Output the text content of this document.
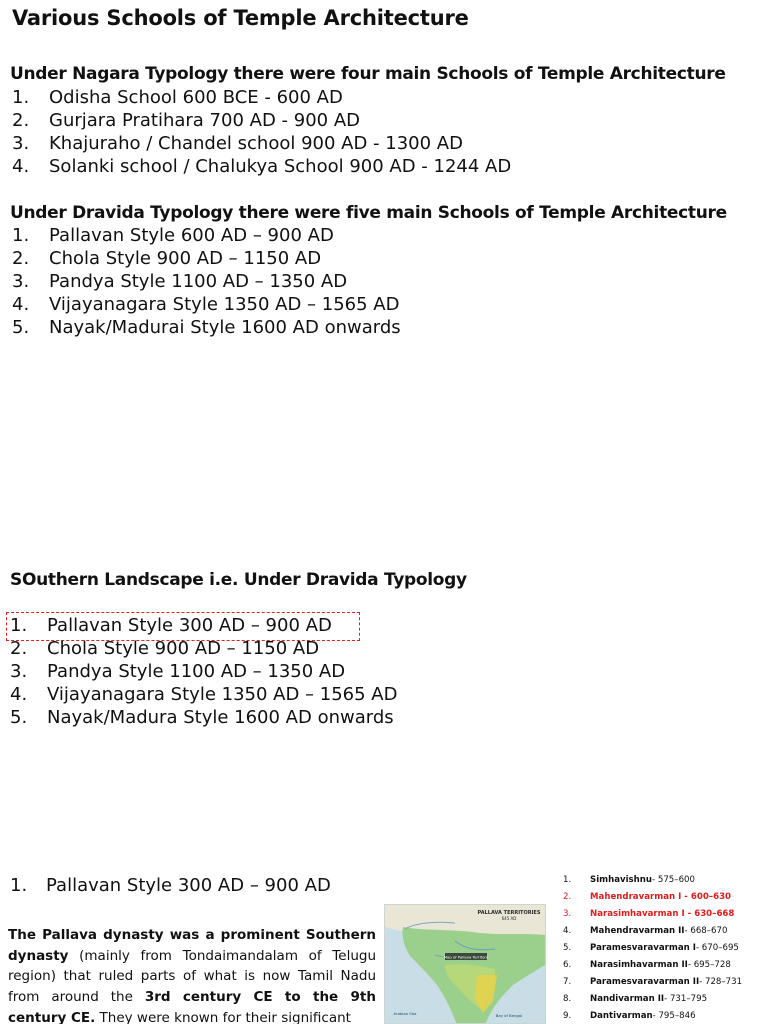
Various Schools of Temple Architecture
Under Nagara Typology there were four main Schools of Temple Architecture
1.	Odisha School 600 BCE - 600 AD
2.	Gurjara Pratihara 700 AD - 900 AD
3.	Khajuraho / Chandel school 900 AD - 1300 AD
4.	Solanki school / Chalukya School 900 AD - 1244 AD
Under Dravida Typology there were five main Schools of Temple Architecture
1.	Pallavan Style 600 AD – 900 AD
2.	Chola Style 900 AD – 1150 AD
3.	Pandya Style 1100 AD – 1350 AD
4.	Vijayanagara Style 1350 AD – 1565 AD
5.	Nayak/Madurai Style 1600 AD onwards
SOuthern Landscape i.e. Under Dravida Typology
1.	Pallavan Style 300 AD – 900 AD
2.	Chola Style 900 AD – 1150 AD
3.	Pandya Style 1100 AD – 1350 AD
4.	Vijayanagara Style 1350 AD – 1565 AD
5.	Nayak/Madura Style 1600 AD onwards
1.	Pallavan Style 300 AD – 900 AD

The Pallava dynasty was a prominent Southern dynasty (mainly from Tondaimandalam of Telugu region) that ruled parts of what is now Tamil Nadu from around the 3rd century CE to the 9th century CE. They were known for their significant

Map of Pallava Territory
PALLAVA TERRITORIES
645 AD
Arabian Sea	Bay of Bengal
1.	Simhavishnu - 575–600
2.	Mahendravarman I - 600–630
3.	Narasimhavarman I - 630–668
4.	Mahendravarman II - 668–670
5.	Paramesvaravarman I - 670–695
6.	Narasimhavarman II - 695–728
7.	Paramesvaravarman II - 728–731
8.	Nandivarman II - 731–795
9.	Dantivarman - 795–846
